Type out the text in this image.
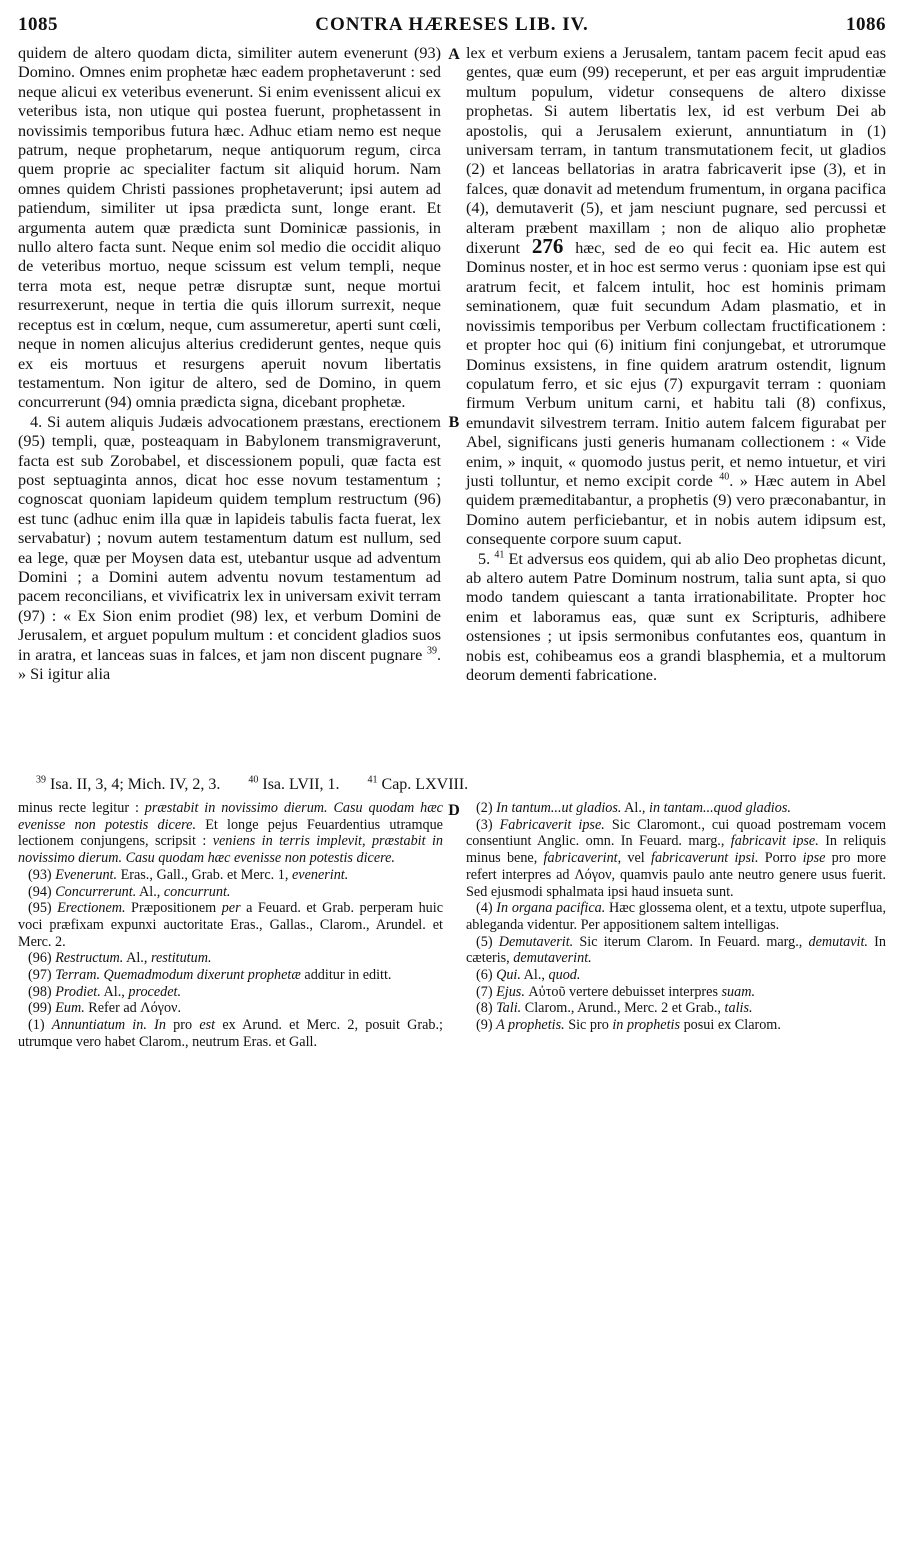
1085	CONTRA HÆRESES LIB. IV.	1086

quidem de altero quodam dicta, similiter autem evenerunt (93) Domino. Omnes enim prophetæ hæc eadem prophetaverunt : sed neque alicui ex veteribus evenerunt. Si enim evenissent alicui ex veteribus ista, non utique qui postea fuerunt, prophetassent in novissimis temporibus futura hæc. Adhuc etiam nemo est neque patrum, neque prophetarum, neque antiquorum regum, circa quem proprie ac specialiter factum sit aliquid horum. Nam omnes quidem Christi passiones prophetaverunt; ipsi autem ad patiendum, similiter ut ipsa prædicta sunt, longe erant. Et argumenta autem quæ prædicta sunt Dominicæ passionis, in nullo altero facta sunt. Neque enim sol medio die occidit aliquo de veteribus mortuo, neque scissum est velum templi, neque terra mota est, neque petræ disruptæ sunt, neque mortui resurrexerunt, neque in tertia die quis illorum surrexit, neque receptus est in cœlum, neque, cum assumeretur, aperti sunt cœli, neque in nomen alicujus alterius crediderunt gentes, neque quis ex eis mortuus et resurgens aperuit novum libertatis testamentum. Non igitur de altero, sed de Domino, in quem concurrerunt (94) omnia prædicta signa, dicebant prophetæ.

4. Si autem aliquis Judæis advocationem præstans, erectionem (95) templi, quæ, posteaquam in Babylonem transmigraverunt, facta est sub Zorobabel, et discessionem populi, quæ facta est post septuaginta annos, dicat hoc esse novum testamentum ; cognoscat quoniam lapideum quidem templum restructum (96) est tunc (adhuc enim illa quæ in lapideis tabulis facta fuerat, lex servabatur) ; novum autem testamentum datum est nullum, sed ea lege, quæ per Moysen data est, utebantur usque ad adventum Domini ; a Domini autem adventu novum testamentum ad pacem reconcilians, et vivificatrix lex in universam exivit terram (97) : « Ex Sion enim prodiet (98) lex, et verbum Domini de Jerusalem, et arguet populum multum : et concident gladios suos in aratra, et lanceas suas in falces, et jam non discent pugnare $^{39}$. » Si igitur alia

A
B

lex et verbum exiens a Jerusalem, tantam pacem fecit apud eas gentes, quæ eum (99) receperunt, et per eas arguit imprudentiæ multum populum, videtur consequens de altero dixisse prophetas. Si autem libertatis lex, id est verbum Dei ab apostolis, qui a Jerusalem exierunt, annuntiatum in (1) universam terram, in tantum transmutationem fecit, ut gladios (2) et lanceas bellatorias in aratra fabricaverit ipse (3), et in falces, quæ donavit ad metendum frumentum, in organa pacifica (4), demutaverit (5), et jam nesciunt pugnare, sed percussi et alteram præbent maxillam ; non de aliquo alio prophetæ dixerunt 276 hæc, sed de eo qui fecit ea. Hic autem est Dominus noster, et in hoc est sermo verus : quoniam ipse est qui aratrum fecit, et falcem intulit, hoc est hominis primam seminationem, quæ fuit secundum Adam plasmatio, et in novissimis temporibus per Verbum collectam fructificationem : et propter hoc qui (6) initium fini conjungebat, et utrorumque Dominus exsistens, in fine quidem aratrum ostendit, lignum copulatum ferro, et sic ejus (7) expurgavit terram : quoniam firmum Verbum unitum carni, et habitu tali (8) confixus, emundavit silvestrem terram. Initio autem falcem figurabat per Abel, significans justi generis humanam collectionem : « Vide enim, » inquit, « quomodo justus perit, et nemo intuetur, et viri justi tolluntur, et nemo excipit corde $^{40}$. » Hæc autem in Abel quidem præmeditabantur, a prophetis (9) vero præconabantur, in Domino autem perficiebantur, et in nobis autem idipsum est, consequente corpore suum caput.

5. $^{41}$ Et adversus eos quidem, qui ab alio Deo prophetas dicunt, ab altero autem Patre Dominum nostrum, talia sunt apta, si quo modo tandem quiescant a tanta irrationabilitate. Propter hoc enim et laboramus eas, quæ sunt ex Scripturis, adhibere ostensiones ; ut ipsis sermonibus confutantes eos, quantum in nobis est, cohibeamus eos a grandi blasphemia, et a multorum deorum dementi fabricatione.

$^{39}$ Isa. II, 3, 4; Mich. IV, 2, 3.	$^{40}$ Isa. LVII, 1.	$^{41}$ Cap. LXVIII.

minus recte legitur : præstabit in novissimo dierum. Casu quodam hæc evenisse non potestis dicere. Et longe pejus Feuardentius utramque lectionem conjungens, scripsit : veniens in terris implevit, præstabit in novissimo dierum. Casu quodam hæc evenisse non potestis dicere.

(93) Evenerunt. Eras., Gall., Grab. et Merc. 1, evenerint.

(94) Concurrerunt. Al., concurrunt.

(95) Erectionem. Præpositionem per a Feuard. et Grab. perperam huic voci præfixam expunxi auctoritate Eras., Gallas., Clarom., Arundel. et Merc. 2.

(96) Restructum. Al., restitutum.

(97) Terram. Quemadmodum dixerunt prophetæ additur in editt.

(98) Prodiet. Al., procedet.

(99) Eum. Refer ad Λόγον.

(1) Annuntiatum in. In pro est ex Arund. et Merc. 2, posuit Grab.; utrumque vero habet Clarom., neutrum Eras. et Gall.

D	(2) In tantum...ut gladios. Al., in tantam...quod gladios.

(3) Fabricaverit ipse. Sic Claromont., cui quoad postremam vocem consentiunt Anglic. omn. In Feuard. marg., fabricavit ipse. In reliquis minus bene, fabricaverint, vel fabricaverunt ipsi. Porro ipse pro more refert interpres ad Λόγον, quamvis paulo ante neutro genere usus fuerit. Sed ejusmodi sphalmata ipsi haud insueta sunt.

(4) In organa pacifica. Hæc glossema olent, et a textu, utpote superflua, ableganda videntur. Per appositionem saltem intelligas.

(5) Demutaverit. Sic iterum Clarom. In Feuard. marg., demutavit. In cæteris, demutaverint.

(6) Qui. Al., quod.

(7) Ejus. Αὐτοῦ vertere debuisset interpres suam.

(8) Tali. Clarom., Arund., Merc. 2 et Grab., talis.

(9) A prophetis. Sic pro in prophetis posui ex Clarom.
